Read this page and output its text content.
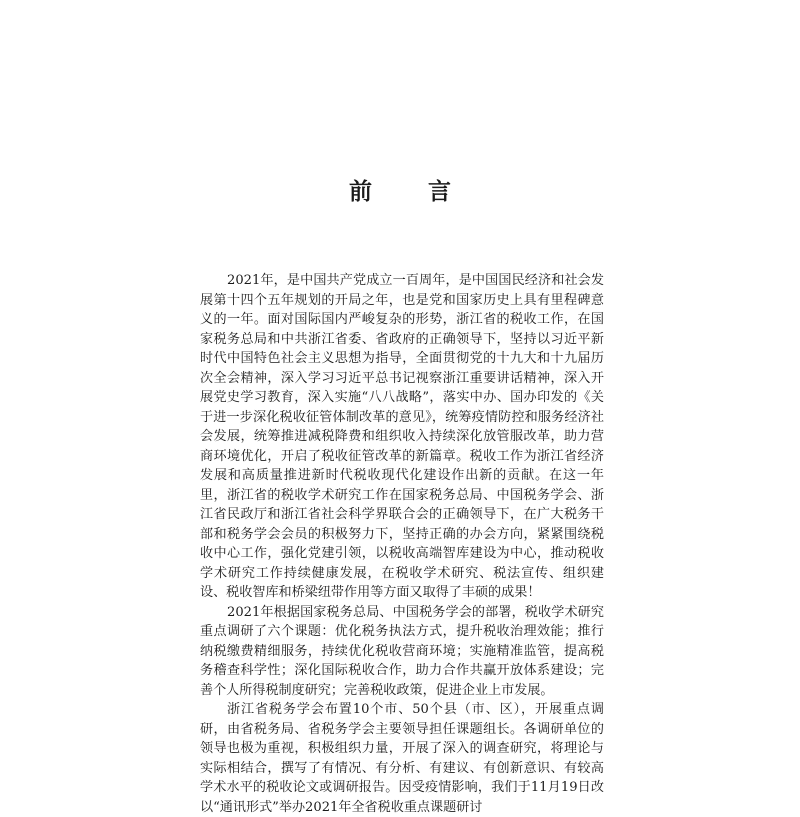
前 言

2021年，是中国共产党成立一百周年，是中国国民经济和社会发展第十四个五年规划的开局之年，也是党和国家历史上具有里程碑意义的一年。面对国际国内严峻复杂的形势，浙江省的税收工作，在国家税务总局和中共浙江省委、省政府的正确领导下，坚持以习近平新时代中国特色社会主义思想为指导，全面贯彻党的十九大和十九届历次全会精神，深入学习习近平总书记视察浙江重要讲话精神，深入开展党史学习教育，深入实施“八八战略”，落实中办、国办印发的《关于进一步深化税收征管体制改革的意见》，统筹疫情防控和服务经济社会发展，统筹推进减税降费和组织收入持续深化放管服改革，助力营商环境优化，开启了税收征管改革的新篇章。税收工作为浙江省经济发展和高质量推进新时代税收现代化建设作出新的贡献。在这一年里，浙江省的税收学术研究工作在国家税务总局、中国税务学会、浙江省民政厅和浙江省社会科学界联合会的正确领导下，在广大税务干部和税务学会会员的积极努力下，坚持正确的办会方向，紧紧围绕税收中心工作，强化党建引领，以税收高端智库建设为中心，推动税收学术研究工作持续健康发展，在税收学术研究、税法宣传、组织建设、税收智库和桥梁纽带作用等方面又取得了丰硕的成果！

2021年根据国家税务总局、中国税务学会的部署，税收学术研究重点调研了六个课题：优化税务执法方式，提升税收治理效能；推行纳税缴费精细服务，持续优化税收营商环境；实施精准监管，提高税务稽查科学性；深化国际税收合作，助力合作共赢开放体系建设；完善个人所得税制度研究；完善税收政策，促进企业上市发展。

浙江省税务学会布置10个市、50个县（市、区），开展重点调研，由省税务局、省税务学会主要领导担任课题组长。各调研单位的领导也极为重视，积极组织力量，开展了深入的调查研究，将理论与实际相结合，撰写了有情况、有分析、有建议、有创新意识、有较高学术水平的税收论文或调研报告。因受疫情影响，我们于11月19日改以“通讯形式”举办2021年全省税收重点课题研讨
